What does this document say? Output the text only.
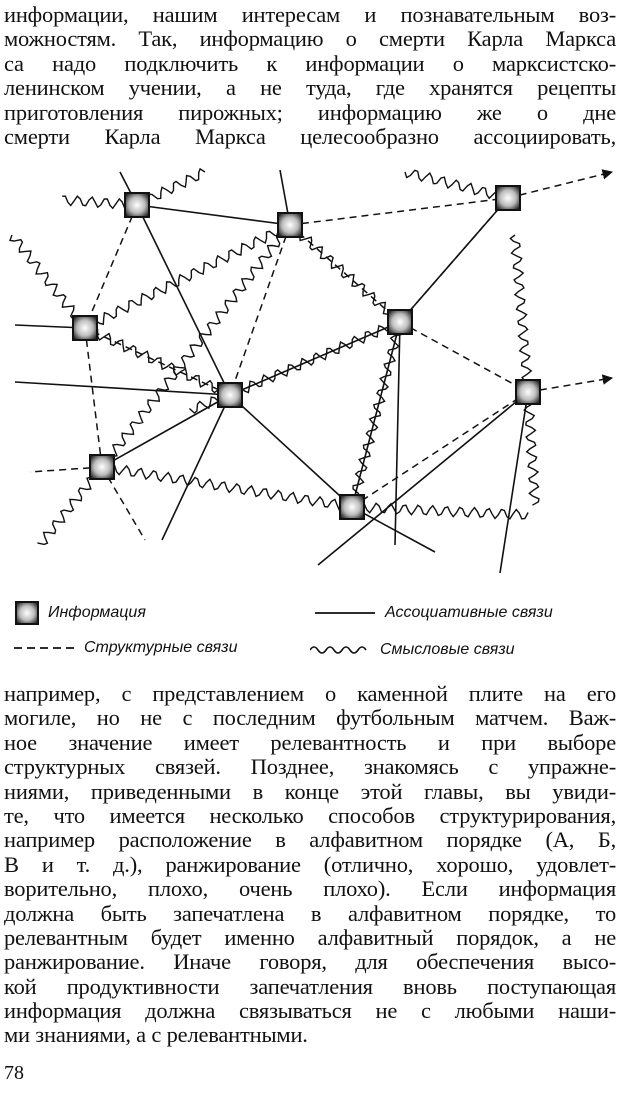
информации, нашим интересам и познавательным воз-
можностям. Так, информацию о смерти Карла Маркса
са надо подключить к информации о марксистско-
ленинском учении, а не туда, где хранятся рецепты
приготовления пирожных; информацию же о дне
смерти Карла Маркса целесообразно ассоциировать,
Информация	Ассоциативные связи
Структурные связи	Смысловые связи
например, с представлением о каменной плите на его
могиле, но не с последним футбольным матчем. Важ-
ное значение имеет релевантность и при выборе
структурных связей. Позднее, знакомясь с упражне-
ниями, приведенными в конце этой главы, вы увиди-
те, что имеется несколько способов структурирования,
например расположение в алфавитном порядке (А, Б,
В и т. д.), ранжирование (отлично, хорошо, удовлет-
ворительно, плохо, очень плохо). Если информация
должна быть запечатлена в алфавитном порядке, то
релевантным будет именно алфавитный порядок, а не
ранжирование. Иначе говоря, для обеспечения высо-
кой продуктивности запечатления вновь поступающая
информация должна связываться не с любыми наши-
ми знаниями, а с релевантными.
78
